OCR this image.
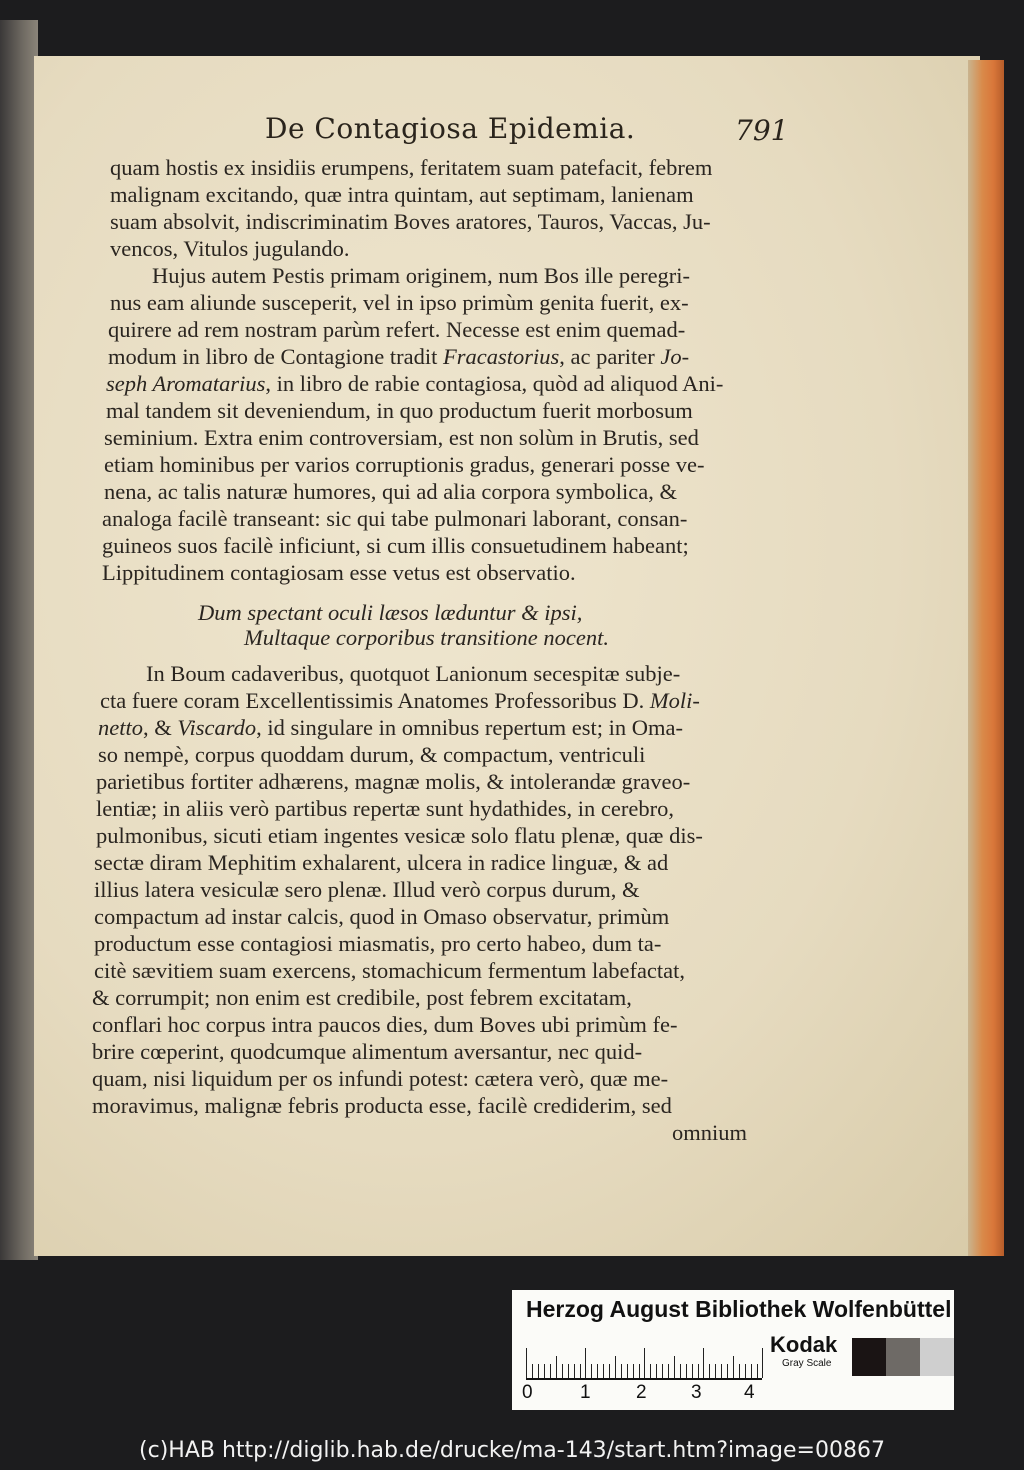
De Contagiosa Epidemia.	791
quam hostis ex insidiis erumpens, feritatem suam patefacit, febrem
malignam excitando, quæ intra quintam, aut septimam, lanienam
suam absolvit, indiscriminatim Boves aratores, Tauros, Vaccas, Ju-
vencos, Vitulos jugulando.
Hujus autem Pestis primam originem, num Bos ille peregri-
nus eam aliunde susceperit, vel in ipso primùm genita fuerit, ex-
quirere ad rem nostram parùm refert. Necesse est enim quemad-
modum in libro de Contagione tradit Fracastorius, ac pariter Jo-
seph Aromatarius, in libro de rabie contagiosa, quòd ad aliquod Ani-
mal tandem sit deveniendum, in quo productum fuerit morbosum
seminium. Extra enim controversiam, est non solùm in Brutis, sed
etiam hominibus per varios corruptionis gradus, generari posse ve-
nena, ac talis naturæ humores, qui ad alia corpora symbolica, &
analoga facilè transeant: sic qui tabe pulmonari laborant, consan-
guineos suos facilè inficiunt, si cum illis consuetudinem habeant;
Lippitudinem contagiosam esse vetus est observatio.
Dum spectant oculi læsos læduntur & ipsi,
Multaque corporibus transitione nocent.
In Boum cadaveribus, quotquot Lanionum secespitæ subje-
cta fuere coram Excellentissimis Anatomes Professoribus D. Moli-
netto, & Viscardo, id singulare in omnibus repertum est; in Oma-
so nempè, corpus quoddam durum, & compactum, ventriculi
parietibus fortiter adhærens, magnæ molis, & intolerandæ graveo-
lentiæ; in aliis verò partibus repertæ sunt hydathides, in cerebro,
pulmonibus, sicuti etiam ingentes vesicæ solo flatu plenæ, quæ dis-
sectæ diram Mephitim exhalarent, ulcera in radice linguæ, & ad
illius latera vesiculæ sero plenæ. Illud verò corpus durum, &
compactum ad instar calcis, quod in Omaso observatur, primùm
productum esse contagiosi miasmatis, pro certo habeo, dum ta-
citè sævitiem suam exercens, stomachicum fermentum labefactat,
& corrumpit; non enim est credibile, post febrem excitatam,
conflari hoc corpus intra paucos dies, dum Boves ubi primùm fe-
brire cœperint, quodcumque alimentum aversantur, nec quid-
quam, nisi liquidum per os infundi potest: cætera verò, quæ me-
moravimus, malignæ febris producta esse, facilè crediderim, sed
omnium
Herzog August Bibliothek Wolfenbüttel
0 1 2 3 4
Kodak
Gray Scale
(c)HAB http://diglib.hab.de/drucke/ma-143/start.htm?image=00867
